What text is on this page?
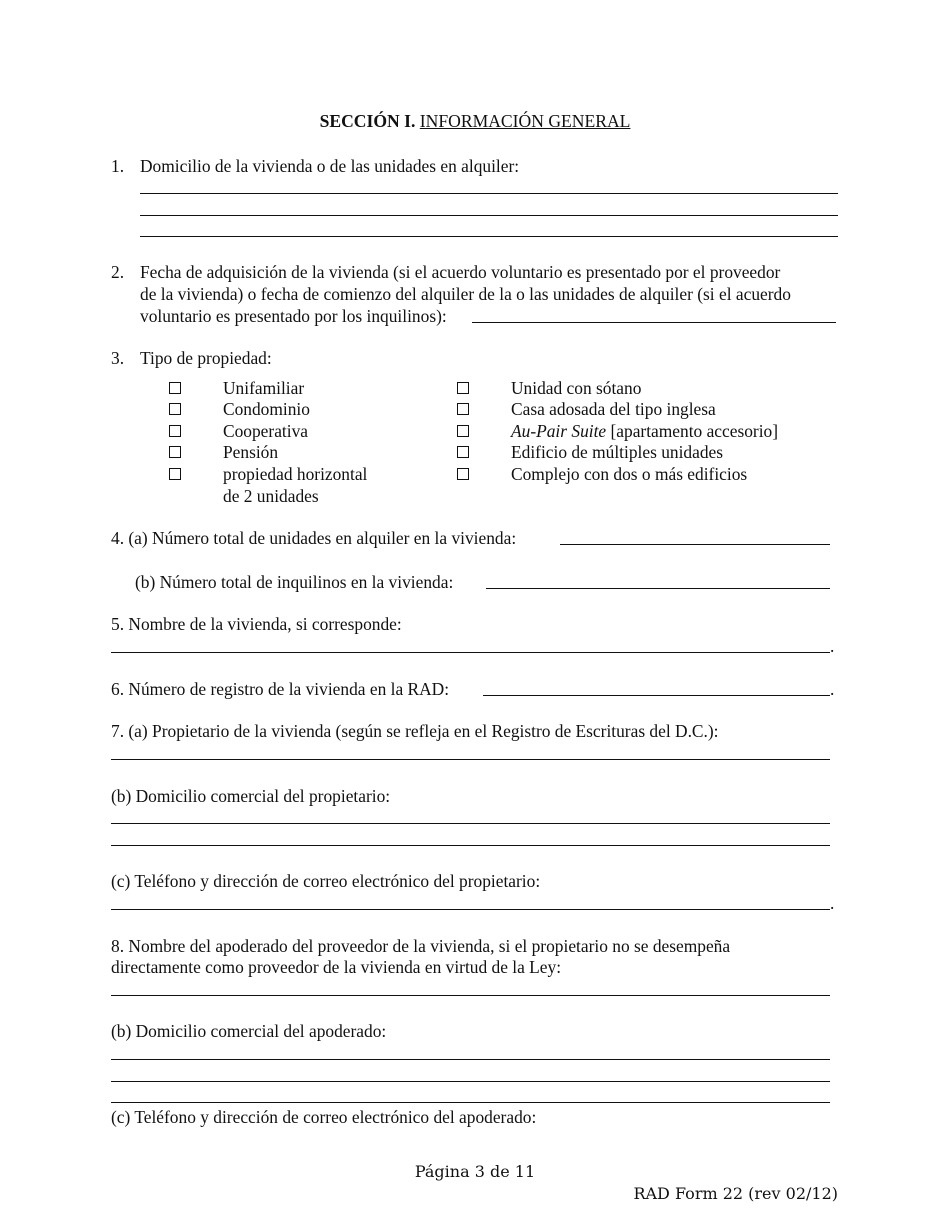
SECCIÓN I. INFORMACIÓN GENERAL
1. Domicilio de la vivienda o de las unidades en alquiler:
2. Fecha de adquisición de la vivienda (si el acuerdo voluntario es presentado por el proveedor
de la vivienda) o fecha de comienzo del alquiler de la o las unidades de alquiler (si el acuerdo
voluntario es presentado por los inquilinos):
3. Tipo de propiedad:
Unifamiliar
Condominio
Cooperativa
Pensión
propiedad horizontal
de 2 unidades
Unidad con sótano
Casa adosada del tipo inglesa
Au-Pair Suite [apartamento accesorio]
Edificio de múltiples unidades
Complejo con dos o más edificios
4. (a) Número total de unidades en alquiler en la vivienda:
(b) Número total de inquilinos en la vivienda:
5. Nombre de la vivienda, si corresponde:
.
6. Número de registro de la vivienda en la RAD:	.
7. (a) Propietario de la vivienda (según se refleja en el Registro de Escrituras del D.C.):
(b) Domicilio comercial del propietario:
(c) Teléfono y dirección de correo electrónico del propietario:
.
8. Nombre del apoderado del proveedor de la vivienda, si el propietario no se desempeña
directamente como proveedor de la vivienda en virtud de la Ley:
(b) Domicilio comercial del apoderado:
(c) Teléfono y dirección de correo electrónico del apoderado:
Página 3 de 11
RAD Form 22 (rev 02/12)
